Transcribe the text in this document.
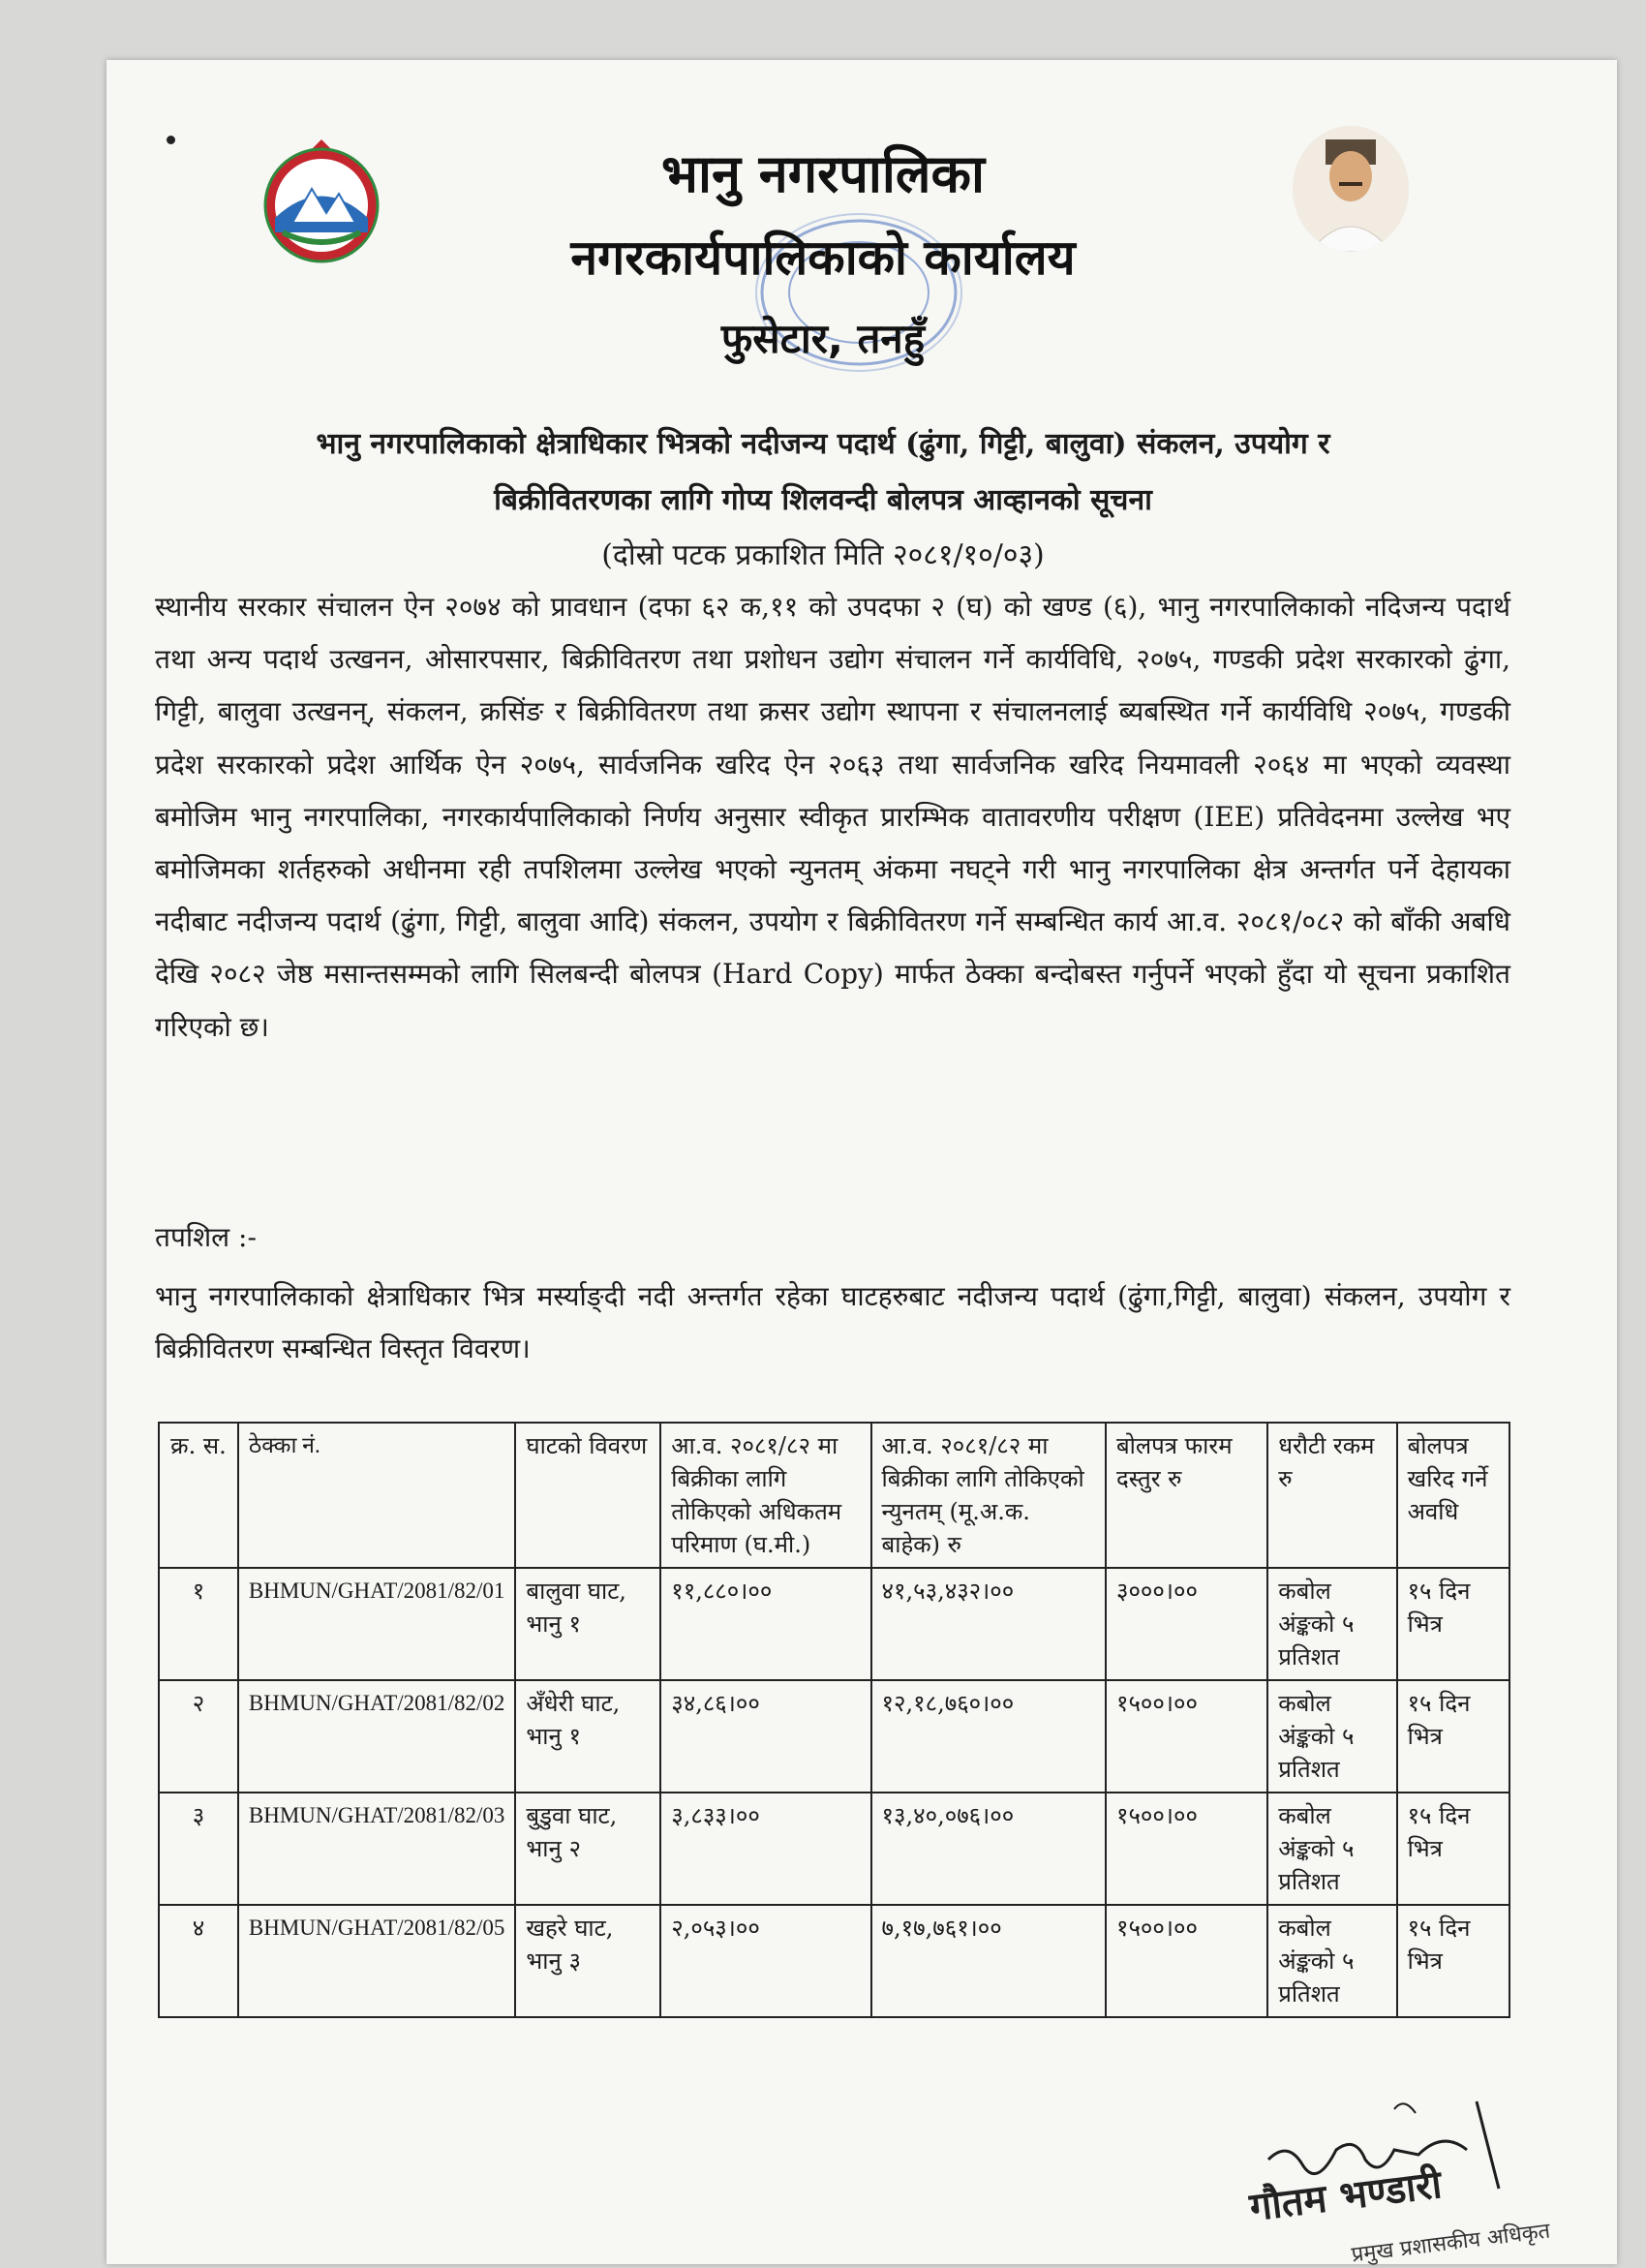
भानु नगरपालिका
नगरकार्यपालिकाको कार्यालय
फुसेटार, तनहुँ
भानु नगरपालिकाको क्षेत्राधिकार भित्रको नदीजन्य पदार्थ (ढुंगा, गिट्टी, बालुवा) संकलन, उपयोग र
बिक्रीवितरणका लागि गोप्य शिलवन्दी बोलपत्र आव्हानको सूचना
(दोस्रो पटक प्रकाशित मिति २०८१/१०/०३)
स्थानीय सरकार संचालन ऐन २०७४ को प्रावधान (दफा ६२ क,११ को उपदफा २ (घ) को खण्ड (६), भानु नगरपालिकाको नदिजन्य पदार्थ तथा अन्य पदार्थ उत्खनन, ओसारपसार, बिक्रीवितरण तथा प्रशोधन उद्योग संचालन गर्ने कार्यविधि, २०७५, गण्डकी प्रदेश सरकारको ढुंगा, गिट्टी, बालुवा उत्खनन्, संकलन, क्रसिंङ र बिक्रीवितरण तथा क्रसर उद्योग स्थापना र संचालनलाई ब्यबस्थित गर्ने कार्यविधि २०७५, गण्डकी प्रदेश सरकारको प्रदेश आर्थिक ऐन २०७५, सार्वजनिक खरिद ऐन २०६३ तथा सार्वजनिक खरिद नियमावली २०६४ मा भएको व्यवस्था बमोजिम भानु नगरपालिका, नगरकार्यपालिकाको निर्णय अनुसार स्वीकृत प्रारम्भिक वातावरणीय परीक्षण (IEE) प्रतिवेदनमा उल्लेख भए बमोजिमका शर्तहरुको अधीनमा रही तपशिलमा उल्लेख भएको न्युनतम् अंकमा नघट्ने गरी भानु नगरपालिका क्षेत्र अन्तर्गत पर्ने देहायका नदीबाट नदीजन्य पदार्थ (ढुंगा, गिट्टी, बालुवा आदि) संकलन, उपयोग र बिक्रीवितरण गर्ने सम्बन्धित कार्य आ.व. २०८१/०८२ को बाँकी अबधि देखि २०८२ जेष्ठ मसान्तसम्मको लागि सिलबन्दी बोलपत्र (Hard Copy) मार्फत ठेक्का बन्दोबस्त गर्नुपर्ने भएको हुँदा यो सूचना प्रकाशित गरिएको छ।
तपशिल :-
भानु नगरपालिकाको क्षेत्राधिकार भित्र मर्स्याङ्दी नदी अन्तर्गत रहेका घाटहरुबाट नदीजन्य पदार्थ (ढुंगा,गिट्टी, बालुवा) संकलन, उपयोग र बिक्रीवितरण सम्बन्धित विस्तृत विवरण।
क्र. स.	ठेक्का नं.	घाटको विवरण	आ.व. २०८१/८२ मा बिक्रीका लागि तोकिएको अधिकतम परिमाण (घ.मी.)	आ.व. २०८१/८२ मा बिक्रीका लागि तोकिएको न्युनतम् (मू.अ.क. बाहेक) रु	बोलपत्र फारम दस्तुर रु	धरौटी रकम रु	बोलपत्र खरिद गर्ने अवधि
१	BHMUN/GHAT/2081/82/01	बालुवा घाट, भानु १	११,८८०।००	४१,५३,४३२।००	३०००।००	कबोल अंङ्कको ५ प्रतिशत	१५ दिन भित्र
२	BHMUN/GHAT/2081/82/02	अँधेरी घाट, भानु १	३४,८६।००	१२,१८,७६०।००	१५००।००	कबोल अंङ्कको ५ प्रतिशत	१५ दिन भित्र
३	BHMUN/GHAT/2081/82/03	बुडुवा घाट, भानु २	३,८३३।००	१३,४०,०७६।००	१५००।००	कबोल अंङ्कको ५ प्रतिशत	१५ दिन भित्र
४	BHMUN/GHAT/2081/82/05	खहरे घाट, भानु ३	२,०५३।००	७,१७,७६१।००	१५००।००	कबोल अंङ्कको ५ प्रतिशत	१५ दिन भित्र
गौतम भण्डारी
प्रमुख प्रशासकीय अधिकृत
